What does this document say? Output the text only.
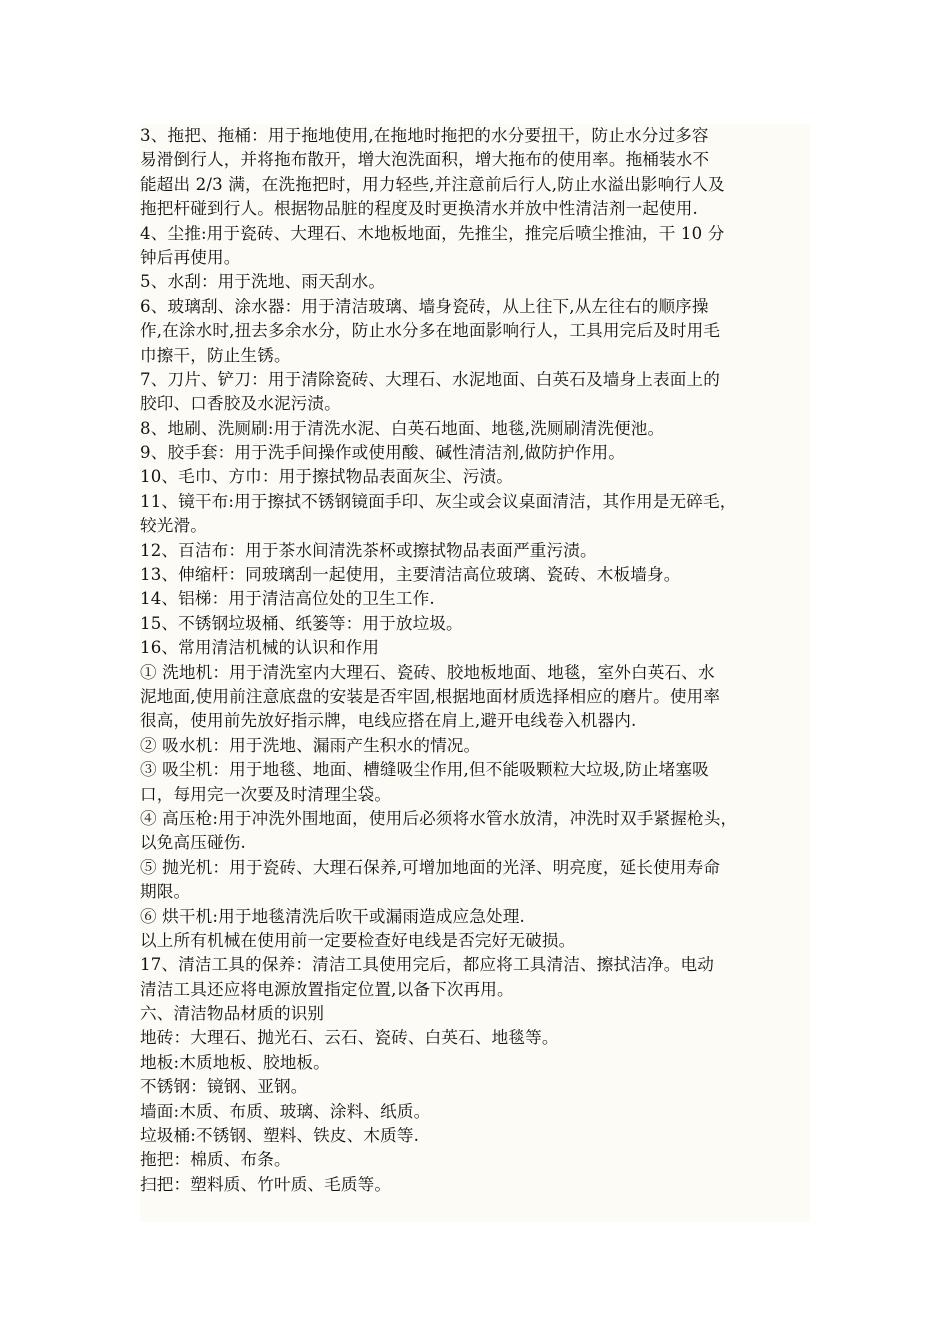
3、拖把、拖桶：用于拖地使用,在拖地时拖把的水分要扭干，防止水分过多容
易滑倒行人，并将拖布散开，增大泡洗面积，增大拖布的使用率。拖桶装水不
能超出 2/3 满，在洗拖把时，用力轻些,并注意前后行人,防止水溢出影响行人及
拖把杆碰到行人。根据物品脏的程度及时更换清水并放中性清洁剂一起使用.
4、尘推:用于瓷砖、大理石、木地板地面，先推尘，推完后喷尘推油，干 10 分
钟后再使用。
5、水刮：用于洗地、雨天刮水。
6、玻璃刮、涂水器：用于清洁玻璃、墙身瓷砖，从上往下,从左往右的顺序操
作,在涂水时,扭去多余水分，防止水分多在地面影响行人，工具用完后及时用毛
巾擦干，防止生锈。
7、刀片、铲刀：用于清除瓷砖、大理石、水泥地面、白英石及墙身上表面上的
胶印、口香胶及水泥污渍。
8、地刷、洗厕刷:用于清洗水泥、白英石地面、地毯,洗厕刷清洗便池。
9、胶手套：用于洗手间操作或使用酸、碱性清洁剂,做防护作用。
10、毛巾、方巾：用于擦拭物品表面灰尘、污渍。
11、镜干布:用于擦拭不锈钢镜面手印、灰尘或会议桌面清洁，其作用是无碎毛，
较光滑。
12、百洁布：用于茶水间清洗茶杯或擦拭物品表面严重污渍。
13、伸缩杆：同玻璃刮一起使用，主要清洁高位玻璃、瓷砖、木板墙身。
14、铝梯：用于清洁高位处的卫生工作.
15、不锈钢垃圾桶、纸篓等：用于放垃圾。
16、常用清洁机械的认识和作用
① 洗地机：用于清洗室内大理石、瓷砖、胶地板地面、地毯，室外白英石、水
泥地面,使用前注意底盘的安装是否牢固,根据地面材质选择相应的磨片。使用率
很高，使用前先放好指示牌，电线应搭在肩上,避开电线卷入机器内.
② 吸水机：用于洗地、漏雨产生积水的情况。
③ 吸尘机：用于地毯、地面、槽缝吸尘作用,但不能吸颗粒大垃圾,防止堵塞吸
口，每用完一次要及时清理尘袋。
④ 高压枪:用于冲洗外围地面，使用后必须将水管水放清，冲洗时双手紧握枪头，
以免高压碰伤.
⑤ 抛光机：用于瓷砖、大理石保养,可增加地面的光泽、明亮度，延长使用寿命
期限。
⑥ 烘干机:用于地毯清洗后吹干或漏雨造成应急处理.
以上所有机械在使用前一定要检查好电线是否完好无破损。
17、清洁工具的保养：清洁工具使用完后，都应将工具清洁、擦拭洁净。电动
清洁工具还应将电源放置指定位置,以备下次再用。
六、清洁物品材质的识别
地砖：大理石、抛光石、云石、瓷砖、白英石、地毯等。
地板:木质地板、胶地板。
不锈钢：镜钢、亚钢。
墙面:木质、布质、玻璃、涂料、纸质。
垃圾桶:不锈钢、塑料、铁皮、木质等.
拖把：棉质、布条。
扫把：塑料质、竹叶质、毛质等。
